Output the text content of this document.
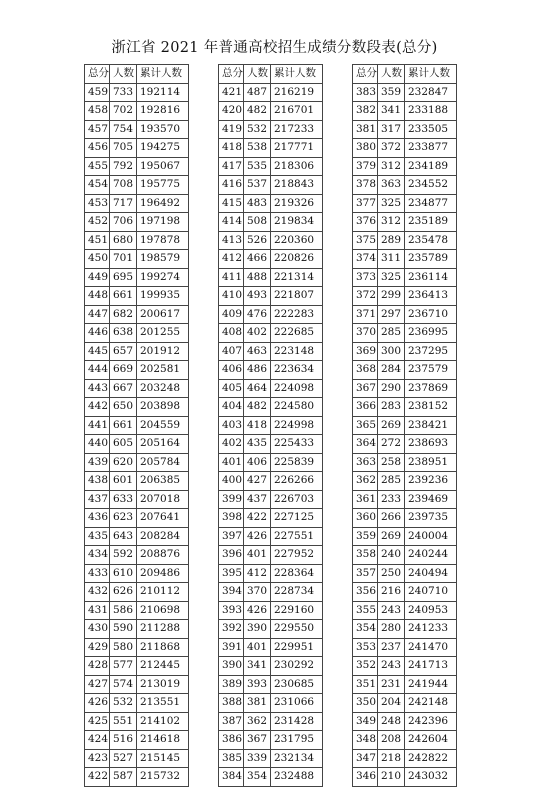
浙江省 2021 年普通高校招生成绩分数段表(总分)
总分	人数	累计人数
459	733	192114
458	702	192816
457	754	193570
456	705	194275
455	792	195067
454	708	195775
453	717	196492
452	706	197198
451	680	197878
450	701	198579
449	695	199274
448	661	199935
447	682	200617
446	638	201255
445	657	201912
444	669	202581
443	667	203248
442	650	203898
441	661	204559
440	605	205164
439	620	205784
438	601	206385
437	633	207018
436	623	207641
435	643	208284
434	592	208876
433	610	209486
432	626	210112
431	586	210698
430	590	211288
429	580	211868
428	577	212445
427	574	213019
426	532	213551
425	551	214102
424	516	214618
423	527	215145
422	587	215732
总分	人数	累计人数
421	487	216219
420	482	216701
419	532	217233
418	538	217771
417	535	218306
416	537	218843
415	483	219326
414	508	219834
413	526	220360
412	466	220826
411	488	221314
410	493	221807
409	476	222283
408	402	222685
407	463	223148
406	486	223634
405	464	224098
404	482	224580
403	418	224998
402	435	225433
401	406	225839
400	427	226266
399	437	226703
398	422	227125
397	426	227551
396	401	227952
395	412	228364
394	370	228734
393	426	229160
392	390	229550
391	401	229951
390	341	230292
389	393	230685
388	381	231066
387	362	231428
386	367	231795
385	339	232134
384	354	232488
总分	人数	累计人数
383	359	232847
382	341	233188
381	317	233505
380	372	233877
379	312	234189
378	363	234552
377	325	234877
376	312	235189
375	289	235478
374	311	235789
373	325	236114
372	299	236413
371	297	236710
370	285	236995
369	300	237295
368	284	237579
367	290	237869
366	283	238152
365	269	238421
364	272	238693
363	258	238951
362	285	239236
361	233	239469
360	266	239735
359	269	240004
358	240	240244
357	250	240494
356	216	240710
355	243	240953
354	280	241233
353	237	241470
352	243	241713
351	231	241944
350	204	242148
349	248	242396
348	208	242604
347	218	242822
346	210	243032
